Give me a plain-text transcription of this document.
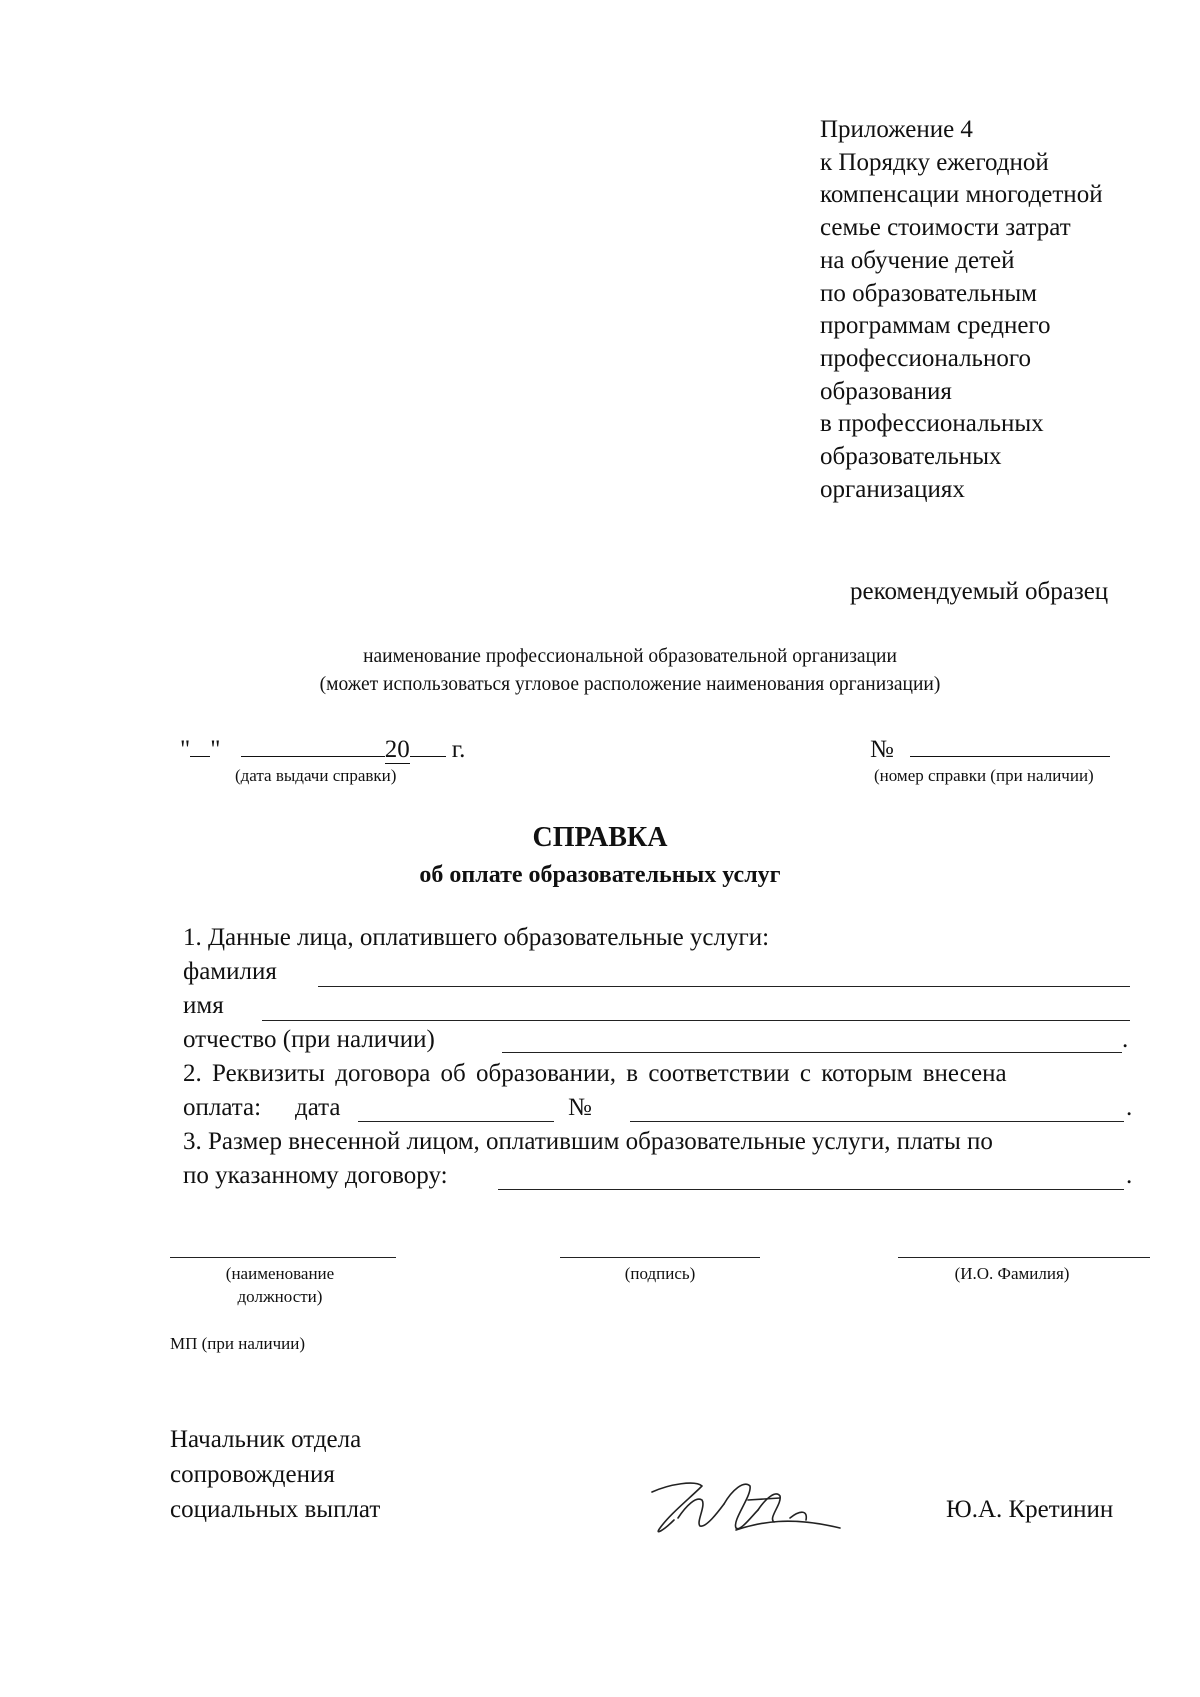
Приложение 4
к Порядку ежегодной
компенсации многодетной
семье стоимости затрат
на обучение детей
по образовательным
программам среднего
профессионального
образования
в профессиональных
образовательных
организациях
рекомендуемый образец
наименование профессиональной образовательной организации
(может использоваться угловое расположение наименования организации)
" "	20 г.
(дата выдачи справки)
№
(номер справки (при наличии)
СПРАВКА
об оплате образовательных услуг
1. Данные лица, оплатившего образовательные услуги:
фамилия
имя
отчество (при наличии)	.
2. Реквизиты договора об образовании, в соответствии с которым внесена
оплата: дата	№	.
3. Размер внесенной лицом, оплатившим образовательные услуги, платы по
по указанному договору:	.
(наименование
должности)
(подпись)	(И.О. Фамилия)
МП (при наличии)
Начальник отдела
сопровождения
социальных выплат	Ю.А. Кретинин
